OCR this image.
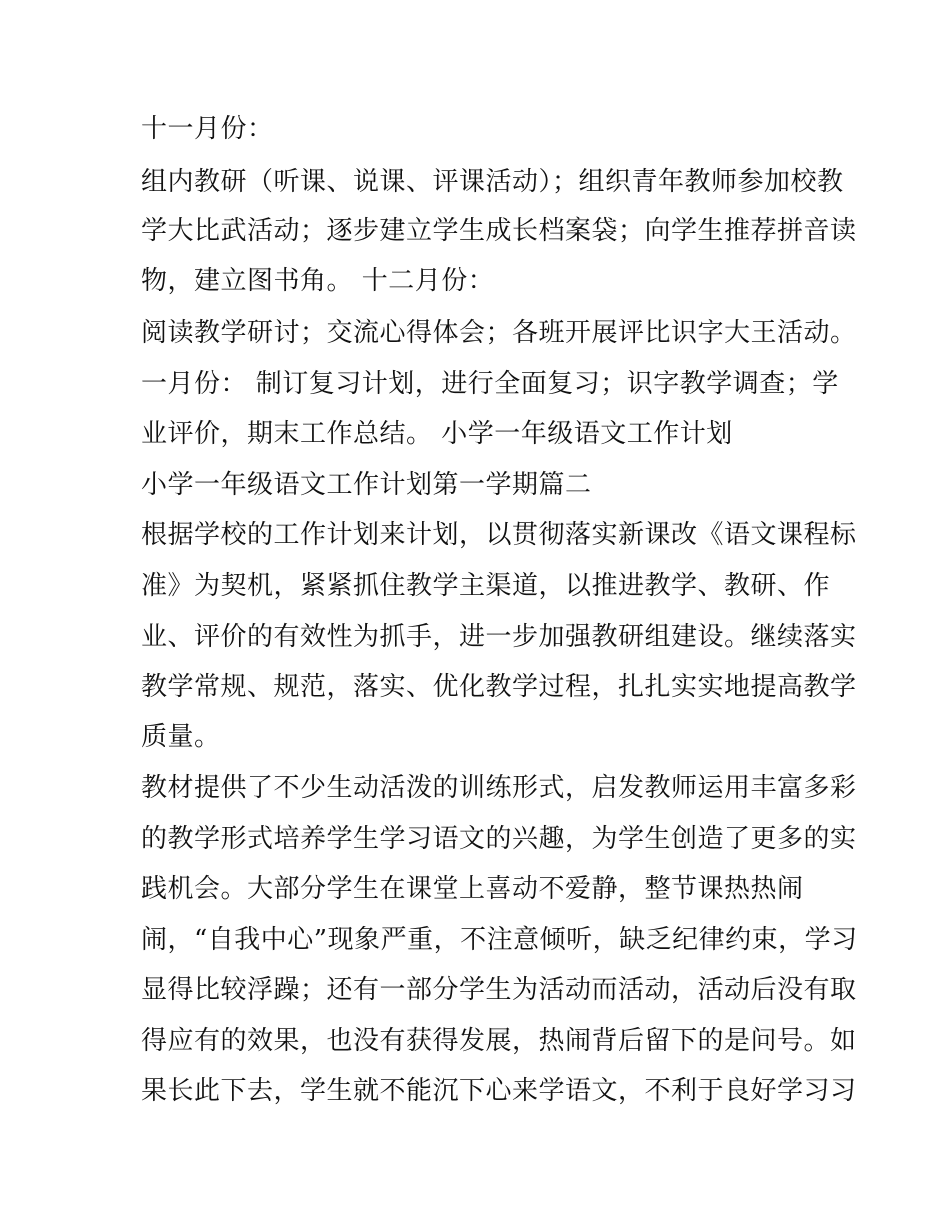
十一月份：
组内教研（听课、说课、评课活动）；组织青年教师参加校教
学大比武活动；逐步建立学生成长档案袋；向学生推荐拼音读
物，建立图书角。 十二月份：
阅读教学研讨；交流心得体会；各班开展评比识字大王活动。
一月份： 制订复习计划，进行全面复习；识字教学调查；学
业评价，期末工作总结。 小学一年级语文工作计划
小学一年级语文工作计划第一学期篇二
根据学校的工作计划来计划，以贯彻落实新课改《语文课程标
准》为契机，紧紧抓住教学主渠道，以推进教学、教研、作
业、评价的有效性为抓手，进一步加强教研组建设。继续落实
教学常规、规范，落实、优化教学过程，扎扎实实地提高教学
质量。
教材提供了不少生动活泼的训练形式，启发教师运用丰富多彩
的教学形式培养学生学习语文的兴趣，为学生创造了更多的实
践机会。大部分学生在课堂上喜动不爱静，整节课热热闹
闹，“自我中心”现象严重，不注意倾听，缺乏纪律约束，学习
显得比较浮躁；还有一部分学生为活动而活动，活动后没有取
得应有的效果，也没有获得发展，热闹背后留下的是问号。如
果长此下去，学生就不能沉下心来学语文，不利于良好学习习
